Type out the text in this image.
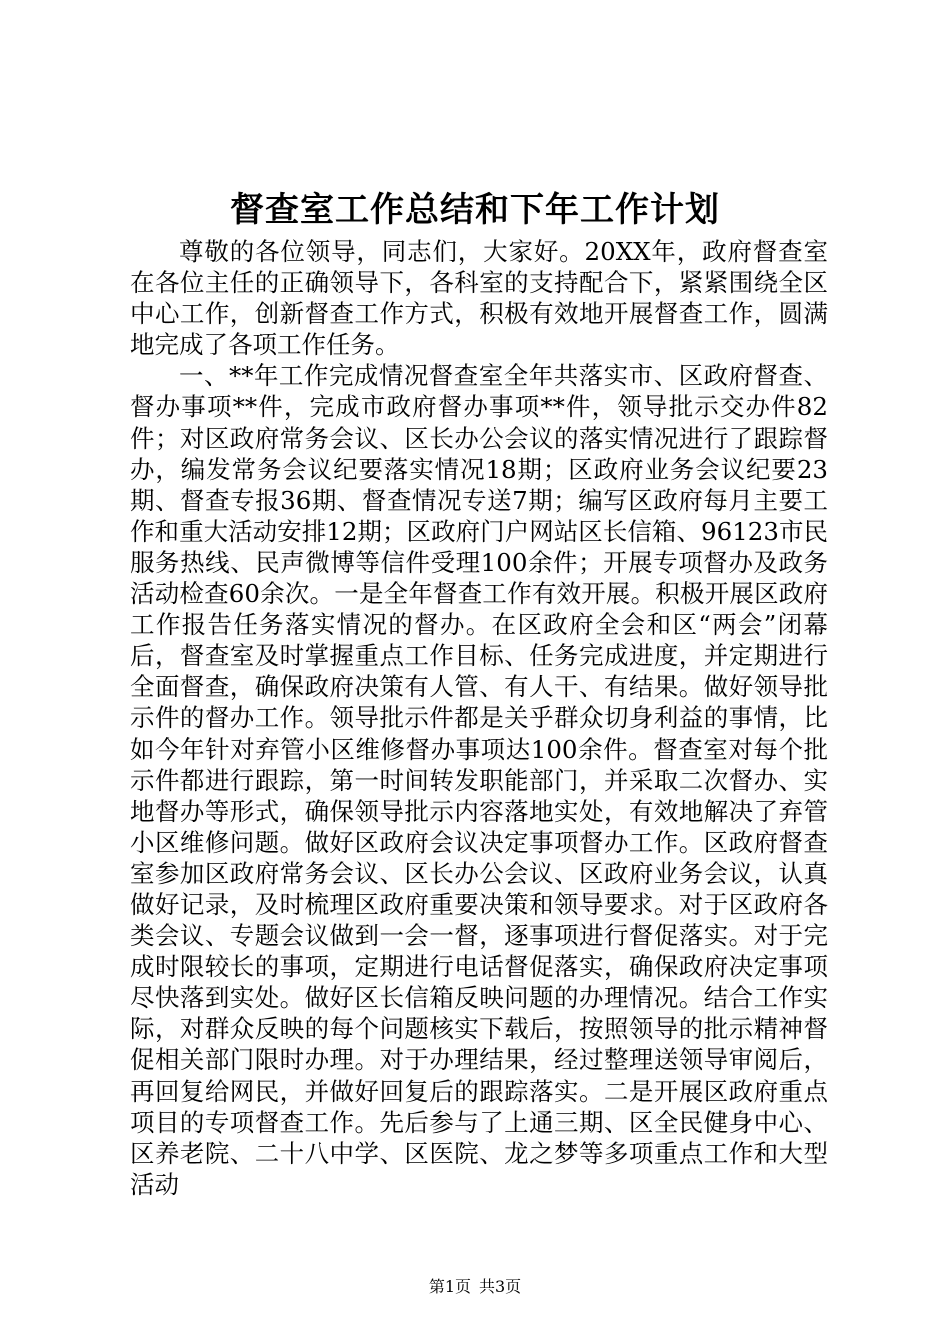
督查室工作总结和下年工作计划

尊敬的各位领导，同志们，大家好。20XX年，政府督查室在各位主任的正确领导下，各科室的支持配合下，紧紧围绕全区中心工作，创新督查工作方式，积极有效地开展督查工作，圆满地完成了各项工作任务。

一、**年工作完成情况督查室全年共落实市、区政府督查、督办事项**件，完成市政府督办事项**件，领导批示交办件82件；对区政府常务会议、区长办公会议的落实情况进行了跟踪督办，编发常务会议纪要落实情况18期；区政府业务会议纪要23期、督查专报36期、督查情况专送7期；编写区政府每月主要工作和重大活动安排12期；区政府门户网站区长信箱、96123市民服务热线、民声微博等信件受理100余件；开展专项督办及政务活动检查60余次。一是全年督查工作有效开展。积极开展区政府工作报告任务落实情况的督办。在区政府全会和区“两会”闭幕后，督查室及时掌握重点工作目标、任务完成进度，并定期进行全面督查，确保政府决策有人管、有人干、有结果。做好领导批示件的督办工作。领导批示件都是关乎群众切身利益的事情，比如今年针对弃管小区维修督办事项达100余件。督查室对每个批示件都进行跟踪，第一时间转发职能部门，并采取二次督办、实地督办等形式，确保领导批示内容落地实处，有效地解决了弃管小区维修问题。做好区政府会议决定事项督办工作。区政府督查室参加区政府常务会议、区长办公会议、区政府业务会议，认真做好记录，及时梳理区政府重要决策和领导要求。对于区政府各类会议、专题会议做到一会一督，逐事项进行督促落实。对于完成时限较长的事项，定期进行电话督促落实，确保政府决定事项尽快落到实处。做好区长信箱反映问题的办理情况。结合工作实际，对群众反映的每个问题核实下载后，按照领导的批示精神督促相关部门限时办理。对于办理结果，经过整理送领导审阅后，再回复给网民，并做好回复后的跟踪落实。二是开展区政府重点项目的专项督查工作。先后参与了上通三期、区全民健身中心、区养老院、二十八中学、区医院、龙之梦等多项重点工作和大型活动

第1页 共3页
